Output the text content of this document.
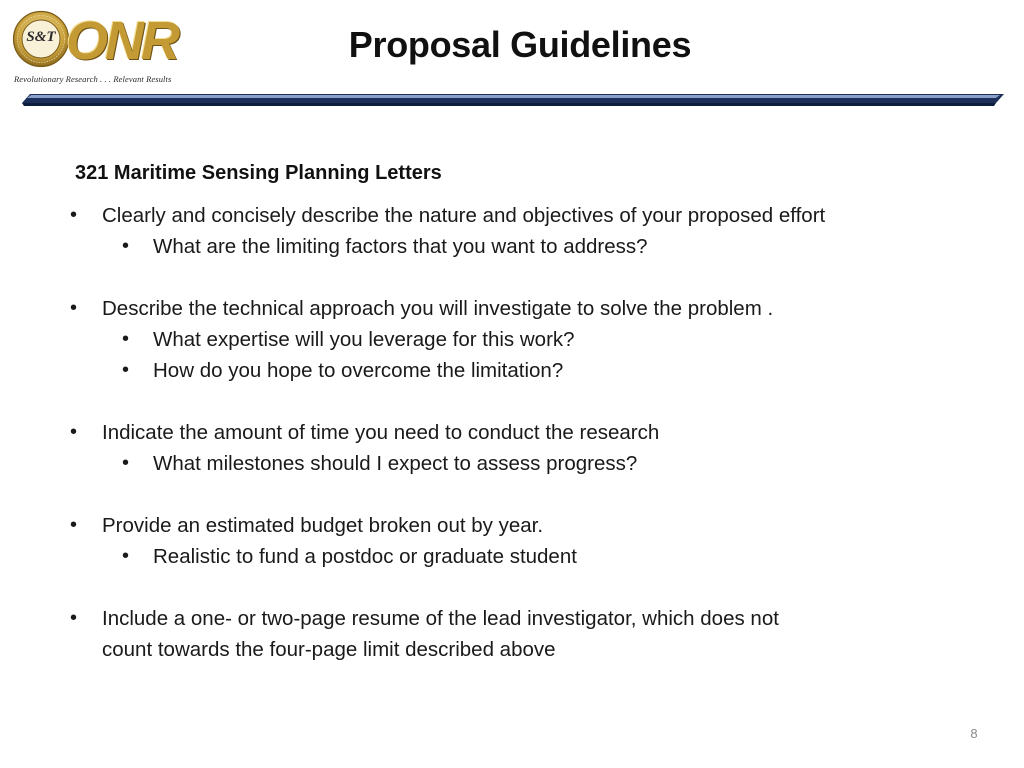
S&T ONR
Revolutionary Research . . . Relevant Results
Proposal Guidelines
321 Maritime Sensing Planning Letters
• Clearly and concisely describe the nature and objectives of your proposed effort
• What are the limiting factors that you want to address?
• Describe the technical approach you will investigate to solve the problem .
• What expertise will you leverage for this work?
• How do you hope to overcome the limitation?
• Indicate the amount of time you need to conduct the research
• What milestones should I expect to assess progress?
• Provide an estimated budget broken out by year.
• Realistic to fund a postdoc or graduate student
• Include a one- or two-page resume of the lead investigator, which does not
count towards the four-page limit described above
8
